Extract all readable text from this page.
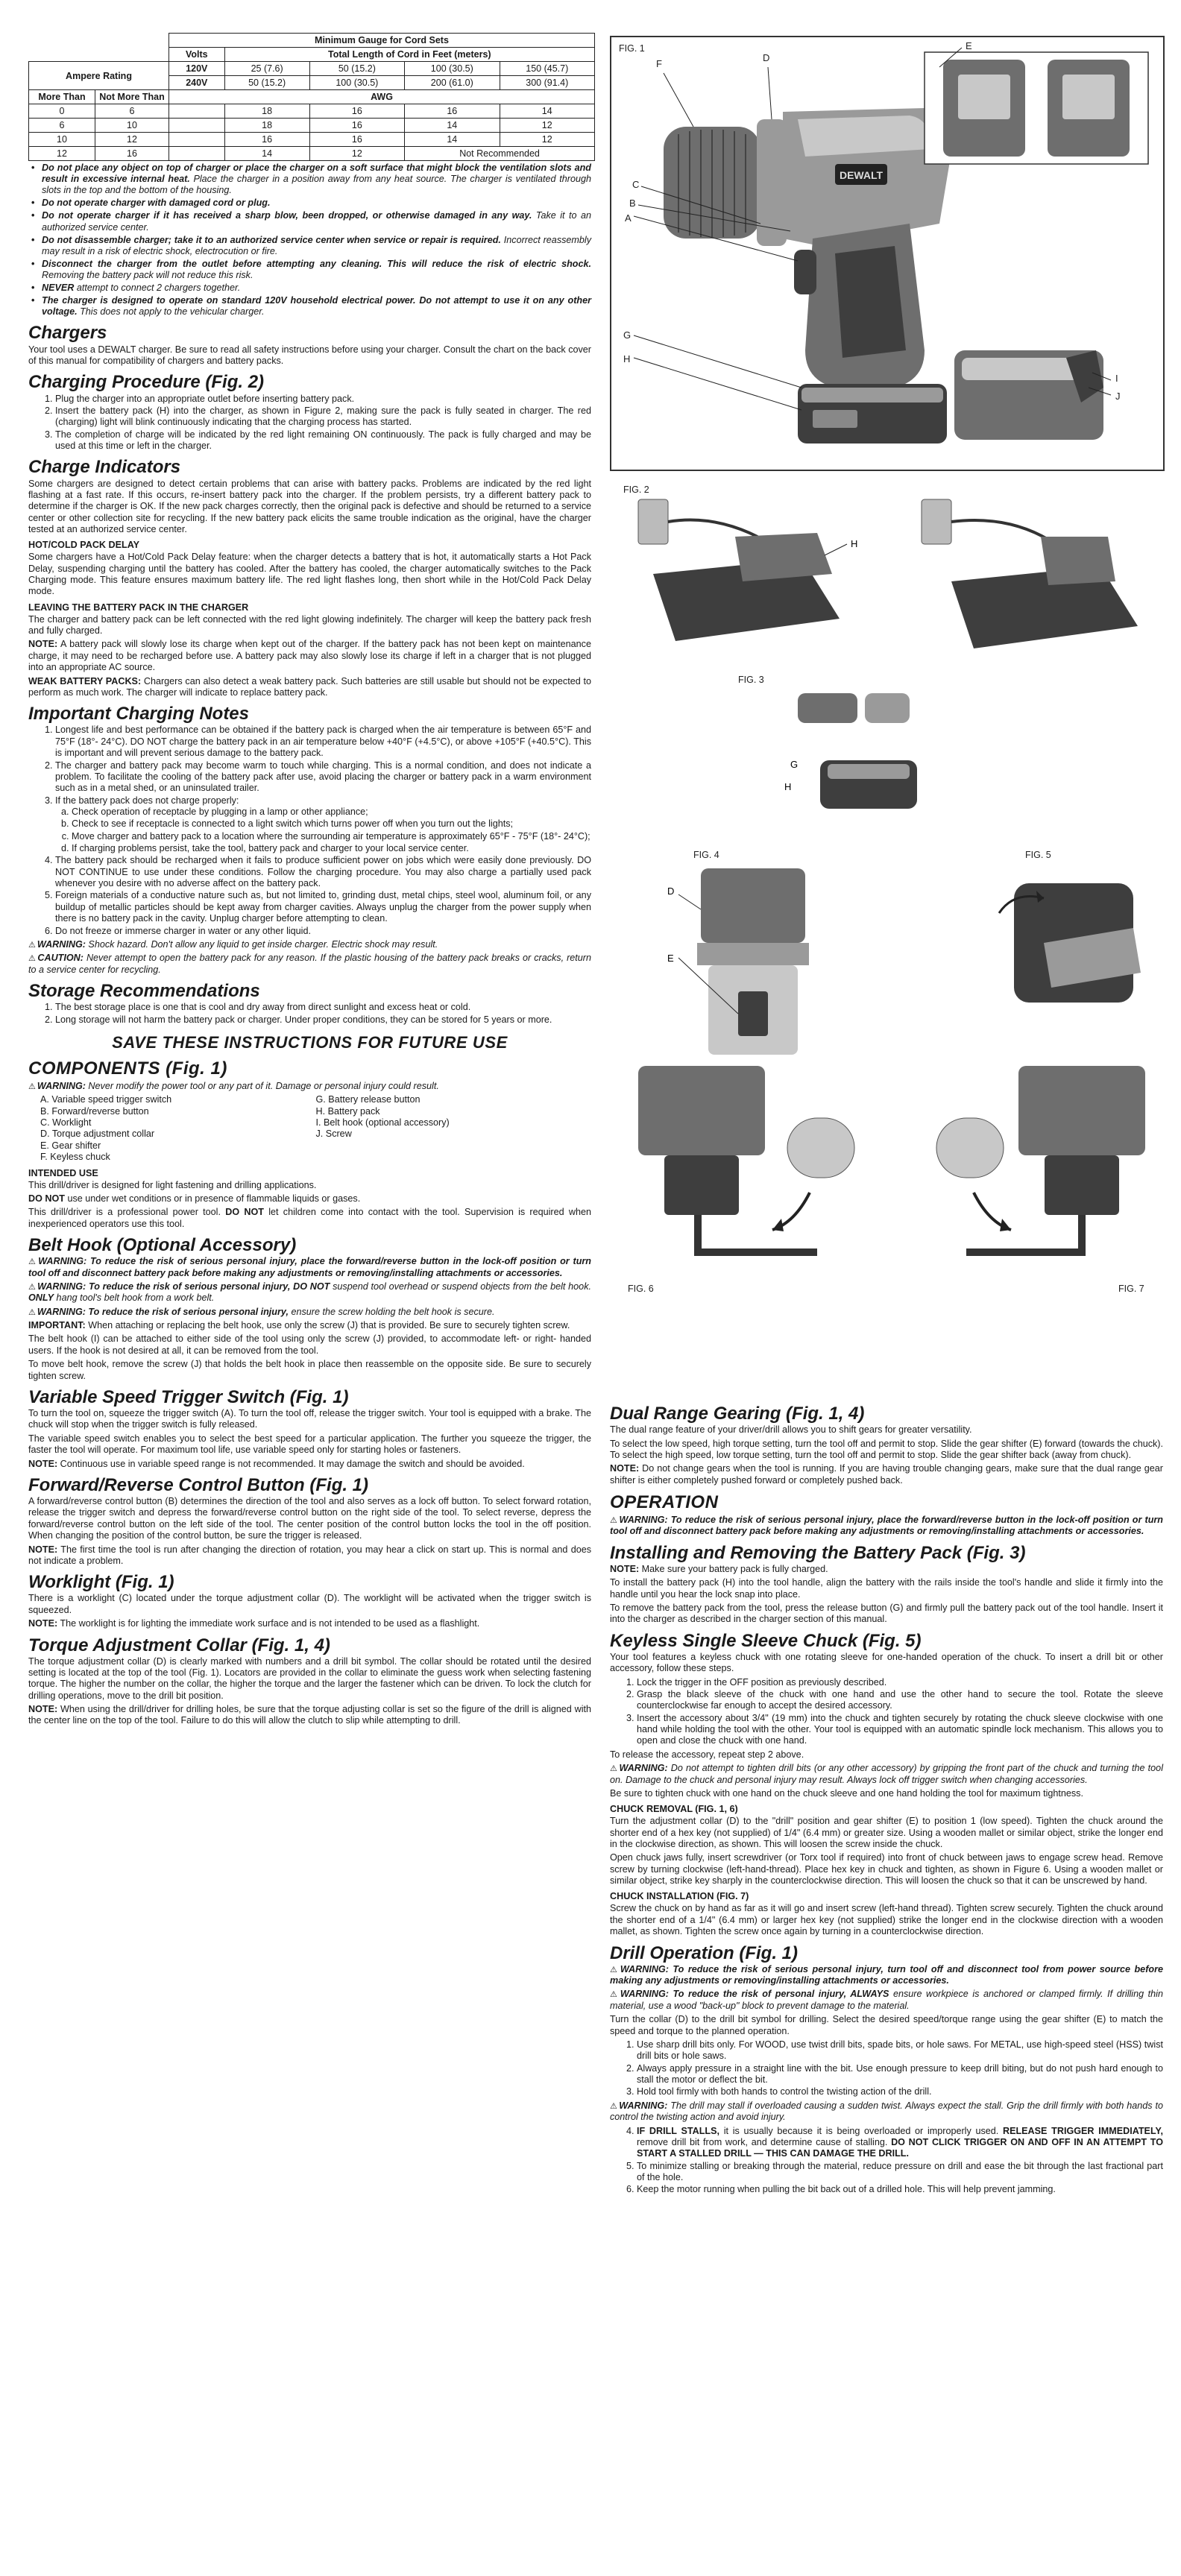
		Minimum Gauge for Cord Sets				
		Volts	Total Length of Cord in Feet (meters)			
Ampere Rating		120V	25 (7.6)	50 (15.2)	100 (30.5)	150 (45.7)
		240V	50 (15.2)	100 (30.5)	200 (61.0)	300 (91.4)
More Than	Not More Than	AWG				
0	6		18	16	16	14
6	10		18	16	14	12
10	12		16	16	14	12
12	16		14	12	Not Recommended	
• Do not place any object on top of charger or place the charger on a soft surface that might block the ventilation slots and result in excessive internal heat. Place the charger in a position away from any heat source. The charger is ventilated through slots in the top and the bottom of the housing.
• Do not operate charger with damaged cord or plug.
• Do not operate charger if it has received a sharp blow, been dropped, or otherwise damaged in any way. Take it to an authorized service center.
• Do not disassemble charger; take it to an authorized service center when service or repair is required. Incorrect reassembly may result in a risk of electric shock, electrocution or fire.
• Disconnect the charger from the outlet before attempting any cleaning. This will reduce the risk of electric shock. Removing the battery pack will not reduce this risk.
• NEVER attempt to connect 2 chargers together.
• The charger is designed to operate on standard 120V household electrical power. Do not attempt to use it on any other voltage. This does not apply to the vehicular charger.
Chargers

Your tool uses a DEWALT charger. Be sure to read all safety instructions before using your charger. Consult the chart on the back cover of this manual for compatibility of chargers and battery packs.

Charging Procedure (Fig. 2)
1. Plug the charger into an appropriate outlet before inserting battery pack.
2. Insert the battery pack (H) into the charger, as shown in Figure 2, making sure the pack is fully seated in charger. The red (charging) light will blink continuously indicating that the charging process has started.
3. The completion of charge will be indicated by the red light remaining ON continuously. The pack is fully charged and may be used at this time or left in the charger.
Charge Indicators

Some chargers are designed to detect certain problems that can arise with battery packs. Problems are indicated by the red light flashing at a fast rate. If this occurs, re-insert battery pack into the charger. If the problem persists, try a different battery pack to determine if the charger is OK. If the new pack charges correctly, then the original pack is defective and should be returned to a service center or other collection site for recycling. If the new battery pack elicits the same trouble indication as the original, have the charger tested at an authorized service center.

HOT/COLD PACK DELAY

Some chargers have a Hot/Cold Pack Delay feature: when the charger detects a battery that is hot, it automatically starts a Hot Pack Delay, suspending charging until the battery has cooled. After the battery has cooled, the charger automatically switches to the Pack Charging mode. This feature ensures maximum battery life. The red light flashes long, then short while in the Hot/Cold Pack Delay mode.

LEAVING THE BATTERY PACK IN THE CHARGER

The charger and battery pack can be left connected with the red light glowing indefinitely. The charger will keep the battery pack fresh and fully charged.

NOTE: A battery pack will slowly lose its charge when kept out of the charger. If the battery pack has not been kept on maintenance charge, it may need to be recharged before use. A battery pack may also slowly lose its charge if left in a charger that is not plugged into an appropriate AC source.

WEAK BATTERY PACKS: Chargers can also detect a weak battery pack. Such batteries are still usable but should not be expected to perform as much work. The charger will indicate to replace battery pack.

Important Charging Notes
1. Longest life and best performance can be obtained if the battery pack is charged when the air temperature is between 65°F and 75°F (18°- 24°C). DO NOT charge the battery pack in an air temperature below +40°F (+4.5°C), or above +105°F (+40.5°C). This is important and will prevent serious damage to the battery pack.
2. The charger and battery pack may become warm to touch while charging. This is a normal condition, and does not indicate a problem. To facilitate the cooling of the battery pack after use, avoid placing the charger or battery pack in a warm environment such as in a metal shed, or an uninsulated trailer.
3. If the battery pack does not charge properly:
a. Check operation of receptacle by plugging in a lamp or other appliance;
b. Check to see if receptacle is connected to a light switch which turns power off when you turn out the lights;
c. Move charger and battery pack to a location where the surrounding air temperature is approximately 65°F - 75°F (18°- 24°C);
d. If charging problems persist, take the tool, battery pack and charger to your local service center.
4. The battery pack should be recharged when it fails to produce sufficient power on jobs which were easily done previously. DO NOT CONTINUE to use under these conditions. Follow the charging procedure. You may also charge a partially used pack whenever you desire with no adverse affect on the battery pack.
5. Foreign materials of a conductive nature such as, but not limited to, grinding dust, metal chips, steel wool, aluminum foil, or any buildup of metallic particles should be kept away from charger cavities. Always unplug the charger from the power supply when there is no battery pack in the cavity. Unplug charger before attempting to clean.
6. Do not freeze or immerse charger in water or any other liquid.

⚠ WARNING: Shock hazard. Don't allow any liquid to get inside charger. Electric shock may result.

⚠ CAUTION: Never attempt to open the battery pack for any reason. If the plastic housing of the battery pack breaks or cracks, return to a service center for recycling.

Storage Recommendations
1. The best storage place is one that is cool and dry away from direct sunlight and excess heat or cold.
2. Long storage will not harm the battery pack or charger. Under proper conditions, they can be stored for 5 years or more.
SAVE THESE INSTRUCTIONS FOR FUTURE USE
COMPONENTS (Fig. 1)

⚠ WARNING: Never modify the power tool or any part of it. Damage or personal injury could result.

A. Variable speed trigger switch
B. Forward/reverse button
C. Worklight
D. Torque adjustment collar
E. Gear shifter
F. Keyless chuck
G. Battery release button
H. Battery pack
I. Belt hook (optional accessory)
J. Screw
INTENDED USE

This drill/driver is designed for light fastening and drilling applications.

DO NOT use under wet conditions or in presence of flammable liquids or gases.

This drill/driver is a professional power tool. DO NOT let children come into contact with the tool. Supervision is required when inexperienced operators use this tool.

Belt Hook (Optional Accessory)

⚠ WARNING: To reduce the risk of serious personal injury, place the forward/reverse button in the lock-off position or turn tool off and disconnect battery pack before making any adjustments or removing/installing attachments or accessories.

⚠ WARNING: To reduce the risk of serious personal injury, DO NOT suspend tool overhead or suspend objects from the belt hook. ONLY hang tool's belt hook from a work belt.

⚠ WARNING: To reduce the risk of serious personal injury, ensure the screw holding the belt hook is secure.

IMPORTANT: When attaching or replacing the belt hook, use only the screw (J) that is provided. Be sure to securely tighten screw.

The belt hook (I) can be attached to either side of the tool using only the screw (J) provided, to accommodate left- or right- handed users. If the hook is not desired at all, it can be removed from the tool.

To move belt hook, remove the screw (J) that holds the belt hook in place then reassemble on the opposite side. Be sure to securely tighten screw.

Variable Speed Trigger Switch (Fig. 1)

To turn the tool on, squeeze the trigger switch (A). To turn the tool off, release the trigger switch. Your tool is equipped with a brake. The chuck will stop when the trigger switch is fully released.

The variable speed switch enables you to select the best speed for a particular application. The further you squeeze the trigger, the faster the tool will operate. For maximum tool life, use variable speed only for starting holes or fasteners.

NOTE: Continuous use in variable speed range is not recommended. It may damage the switch and should be avoided.

Forward/Reverse Control Button (Fig. 1)

A forward/reverse control button (B) determines the direction of the tool and also serves as a lock off button. To select forward rotation, release the trigger switch and depress the forward/reverse control button on the right side of the tool. To select reverse, depress the forward/reverse control button on the left side of the tool. The center position of the control button locks the tool in the off position. When changing the position of the control button, be sure the trigger is released.

NOTE: The first time the tool is run after changing the direction of rotation, you may hear a click on start up. This is normal and does not indicate a problem.

Worklight (Fig. 1)

There is a worklight (C) located under the torque adjustment collar (D). The worklight will be activated when the trigger switch is squeezed.

NOTE: The worklight is for lighting the immediate work surface and is not intended to be used as a flashlight.

Torque Adjustment Collar (Fig. 1, 4)

The torque adjustment collar (D) is clearly marked with numbers and a drill bit symbol. The collar should be rotated until the desired setting is located at the top of the tool (Fig. 1). Locators are provided in the collar to eliminate the guess work when selecting fastening torque. The higher the number on the collar, the higher the torque and the larger the fastener which can be driven. To lock the clutch for drilling operations, move to the drill bit position.

NOTE: When using the drill/driver for drilling holes, be sure that the torque adjusting collar is set so the figure of the drill is aligned with the center line on the top of the tool. Failure to do this will allow the clutch to slip while attempting to drill.

FIG. 1
DEWALT
F
D
E
C
B
A
G
H
I
J
FIG. 2
H
FIG. 3
G
H
FIG. 4
D
E
FIG. 5
FIG. 6	FIG. 7
Dual Range Gearing (Fig. 1, 4)

The dual range feature of your driver/drill allows you to shift gears for greater versatility.

To select the low speed, high torque setting, turn the tool off and permit to stop. Slide the gear shifter (E) forward (towards the chuck). To select the high speed, low torque setting, turn the tool off and permit to stop. Slide the gear shifter back (away from chuck).

NOTE: Do not change gears when the tool is running. If you are having trouble changing gears, make sure that the dual range gear shifter is either completely pushed forward or completely pushed back.

OPERATION

⚠ WARNING: To reduce the risk of serious personal injury, place the forward/reverse button in the lock-off position or turn tool off and disconnect battery pack before making any adjustments or removing/installing attachments or accessories.

Installing and Removing the Battery Pack (Fig. 3)

NOTE: Make sure your battery pack is fully charged.

To install the battery pack (H) into the tool handle, align the battery with the rails inside the tool's handle and slide it firmly into the handle until you hear the lock snap into place.

To remove the battery pack from the tool, press the release button (G) and firmly pull the battery pack out of the tool handle. Insert it into the charger as described in the charger section of this manual.

Keyless Single Sleeve Chuck (Fig. 5)

Your tool features a keyless chuck with one rotating sleeve for one-handed operation of the chuck. To insert a drill bit or other accessory, follow these steps.

1. Lock the trigger in the OFF position as previously described.
2. Grasp the black sleeve of the chuck with one hand and use the other hand to secure the tool. Rotate the sleeve counterclockwise far enough to accept the desired accessory.
3. Insert the accessory about 3/4" (19 mm) into the chuck and tighten securely by rotating the chuck sleeve clockwise with one hand while holding the tool with the other. Your tool is equipped with an automatic spindle lock mechanism. This allows you to open and close the chuck with one hand.

To release the accessory, repeat step 2 above.

⚠ WARNING: Do not attempt to tighten drill bits (or any other accessory) by gripping the front part of the chuck and turning the tool on. Damage to the chuck and personal injury may result. Always lock off trigger switch when changing accessories.

Be sure to tighten chuck with one hand on the chuck sleeve and one hand holding the tool for maximum tightness.

CHUCK REMOVAL (FIG. 1, 6)

Turn the adjustment collar (D) to the "drill" position and gear shifter (E) to position 1 (low speed). Tighten the chuck around the shorter end of a hex key (not supplied) of 1/4" (6.4 mm) or greater size. Using a wooden mallet or similar object, strike the longer end in the clockwise direction, as shown. This will loosen the screw inside the chuck.

Open chuck jaws fully, insert screwdriver (or Torx tool if required) into front of chuck between jaws to engage screw head. Remove screw by turning clockwise (left-hand-thread). Place hex key in chuck and tighten, as shown in Figure 6. Using a wooden mallet or similar object, strike key sharply in the counterclockwise direction. This will loosen the chuck so that it can be unscrewed by hand.

CHUCK INSTALLATION (FIG. 7)

Screw the chuck on by hand as far as it will go and insert screw (left-hand thread). Tighten screw securely. Tighten the chuck around the shorter end of a 1/4" (6.4 mm) or larger hex key (not supplied) strike the longer end in the clockwise direction with a wooden mallet, as shown. Tighten the screw once again by turning in a counterclockwise direction.

Drill Operation (Fig. 1)

⚠ WARNING: To reduce the risk of serious personal injury, turn tool off and disconnect tool from power source before making any adjustments or removing/installing attachments or accessories.

⚠ WARNING: To reduce the risk of personal injury, ALWAYS ensure workpiece is anchored or clamped firmly. If drilling thin material, use a wood "back-up" block to prevent damage to the material.

Turn the collar (D) to the drill bit symbol for drilling. Select the desired speed/torque range using the gear shifter (E) to match the speed and torque to the planned operation.

1. Use sharp drill bits only. For WOOD, use twist drill bits, spade bits, or hole saws. For METAL, use high-speed steel (HSS) twist drill bits or hole saws.
2. Always apply pressure in a straight line with the bit. Use enough pressure to keep drill biting, but do not push hard enough to stall the motor or deflect the bit.
3. Hold tool firmly with both hands to control the twisting action of the drill.

⚠ WARNING: The drill may stall if overloaded causing a sudden twist. Always expect the stall. Grip the drill firmly with both hands to control the twisting action and avoid injury.

4. IF DRILL STALLS, it is usually because it is being overloaded or improperly used. RELEASE TRIGGER IMMEDIATELY, remove drill bit from work, and determine cause of stalling. DO NOT CLICK TRIGGER ON AND OFF IN AN ATTEMPT TO START A STALLED DRILL — THIS CAN DAMAGE THE DRILL.
5. To minimize stalling or breaking through the material, reduce pressure on drill and ease the bit through the last fractional part of the hole.
6. Keep the motor running when pulling the bit back out of a drilled hole. This will help prevent jamming.
